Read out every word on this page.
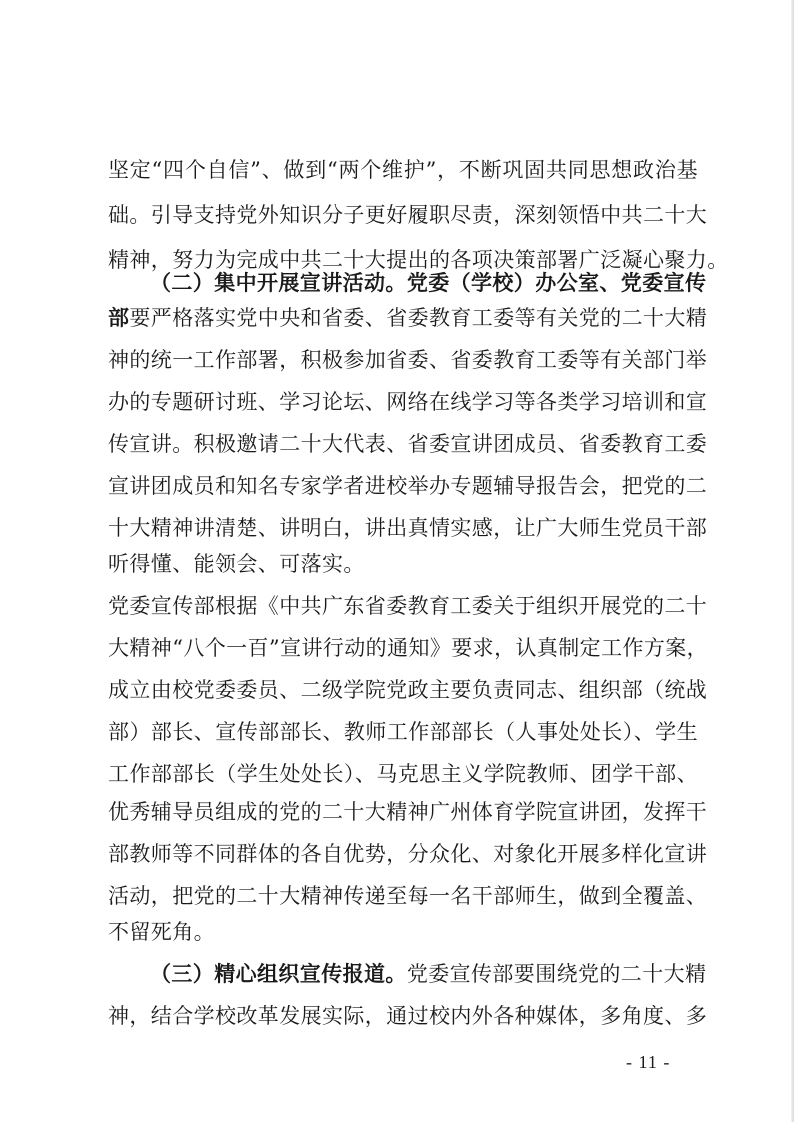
坚定“四个自信”、做到“两个维护”，不断巩固共同思想政治基
础。引导支持党外知识分子更好履职尽责，深刻领悟中共二十大
精神，努力为完成中共二十大提出的各项决策部署广泛凝心聚力。
（二）集中开展宣讲活动。 党委（学校）办公室、党委宣传
部 要严格落实党中央和省委、省委教育工委等有关党的二十大精
神的统一工作部署，积极参加省委、省委教育工委等有关部门举
办的专题研讨班、学习论坛、网络在线学习等各类学习培训和宣
传宣讲。积极邀请二十大代表、省委宣讲团成员、省委教育工委
宣讲团成员和知名专家学者进校举办专题辅导报告会，把党的二
十大精神讲清楚、讲明白，讲出真情实感，让广大师生党员干部
听得懂、能领会、可落实。
党委宣传部根据《中共广东省委教育工委关于组织开展党的二十
大精神“八个一百”宣讲行动的通知》要求，认真制定工作方案，
成立由校党委委员、二级学院党政主要负责同志、组织部（统战
部）部长、宣传部部长、教师工作部部长（人事处处长）、学生
工作部部长（学生处处长）、马克思主义学院教师、团学干部、
优秀辅导员组成的党的二十大精神广州体育学院宣讲团，发挥干
部教师等不同群体的各自优势，分众化、对象化开展多样化宣讲
活动，把党的二十大精神传递至每一名干部师生，做到全覆盖、
不留死角。
（三）精心组织宣传报道。 党委宣传部要围绕党的二十大精
神，结合学校改革发展实际，通过校内外各种媒体，多角度、多
- 11 -
